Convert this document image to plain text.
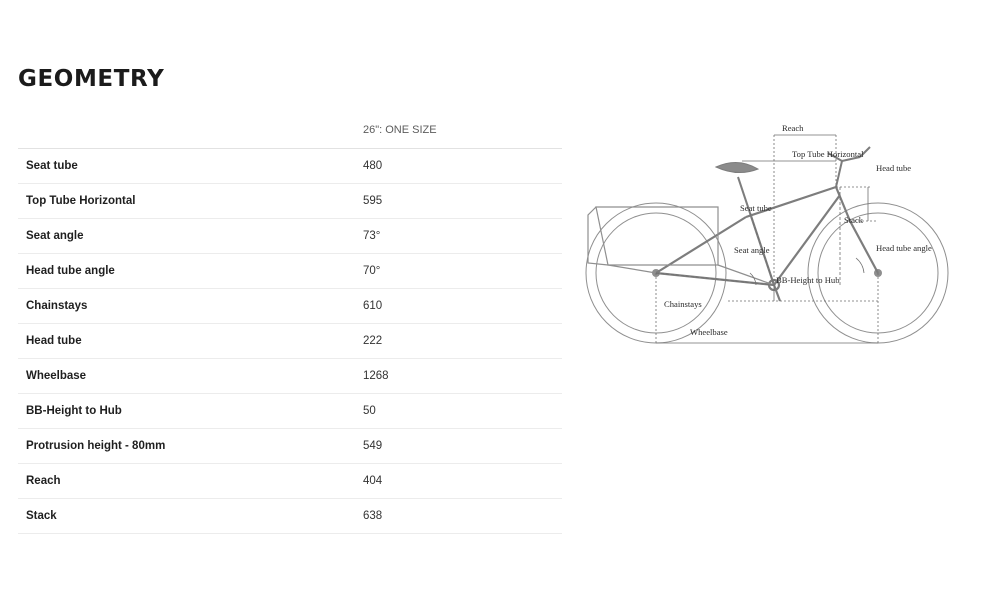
GEOMETRY
	26": ONE SIZE
Seat tube	480
Top Tube Horizontal	595
Seat angle	73°
Head tube angle	70°
Chainstays	610
Head tube	222
Wheelbase	1268
BB-Height to Hub	50
Protrusion height - 80mm	549
Reach	404
Stack	638
Reach
Top Tube Horizontal
Head tube
Seat tube
Stack
Seat angle	Head tube angle
BB-Height to Hub
Chainstays
Wheelbase
